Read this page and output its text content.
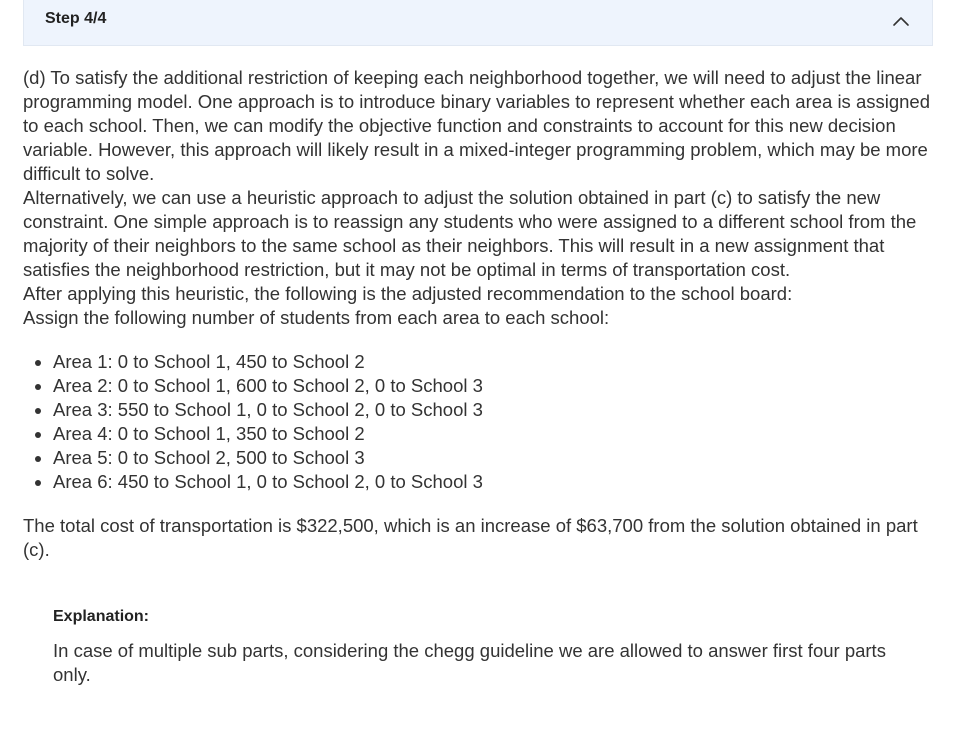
Step 4/4

(d) To satisfy the additional restriction of keeping each neighborhood together, we will need to adjust the linear programming model. One approach is to introduce binary variables to represent whether each area is assigned to each school. Then, we can modify the objective function and constraints to account for this new decision variable. However, this approach will likely result in a mixed-integer programming problem, which may be more difficult to solve.

Alternatively, we can use a heuristic approach to adjust the solution obtained in part (c) to satisfy the new constraint. One simple approach is to reassign any students who were assigned to a different school from the majority of their neighbors to the same school as their neighbors. This will result in a new assignment that satisfies the neighborhood restriction, but it may not be optimal in terms of transportation cost.

After applying this heuristic, the following is the adjusted recommendation to the school board:

Assign the following number of students from each area to each school:

• Area 1: 0 to School 1, 450 to School 2
• Area 2: 0 to School 1, 600 to School 2, 0 to School 3
• Area 3: 550 to School 1, 0 to School 2, 0 to School 3
• Area 4: 0 to School 1, 350 to School 2
• Area 5: 0 to School 2, 500 to School 3
• Area 6: 450 to School 1, 0 to School 2, 0 to School 3

The total cost of transportation is $322,500, which is an increase of $63,700 from the solution obtained in part (c).

Explanation:
In case of multiple sub parts, considering the chegg guideline we are allowed to answer first four parts only.
